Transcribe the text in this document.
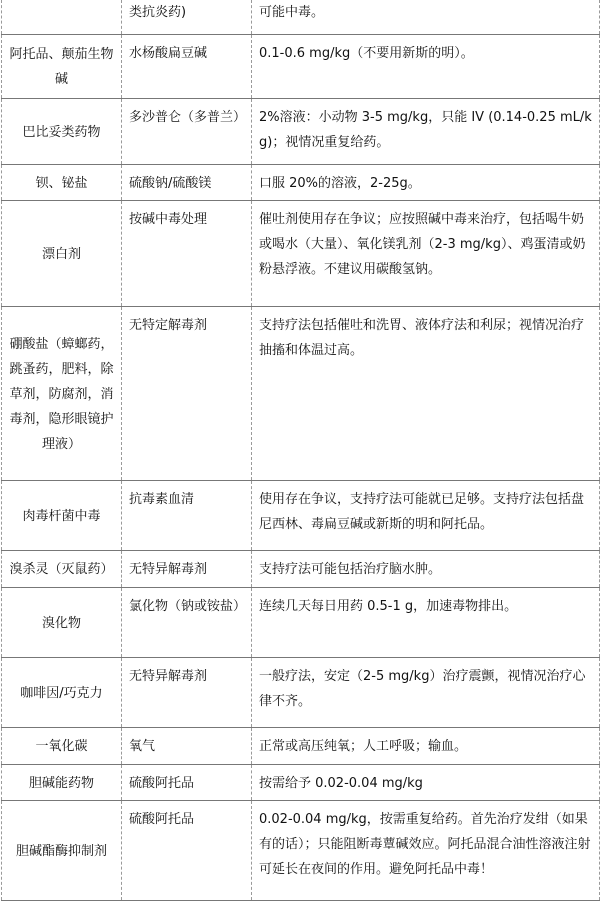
	类抗炎药)	可能中毒。
阿托品、颠茄生物碱	水杨酸扁豆碱	0.1-0.6 mg/kg（不要用新斯的明）。
巴比妥类药物	多沙普仑（多普兰）	2%溶液：小动物 3-5 mg/kg，只能 IV (0.14-0.25 mL/kg)；视情况重复给药。
钡、铋盐	硫酸钠/硫酸镁	口服 20%的溶液，2-25g。
漂白剂	按碱中毒处理	催吐剂使用存在争议；应按照碱中毒来治疗，包括喝牛奶或喝水（大量）、氧化镁乳剂（2-3 mg/kg）、鸡蛋清或奶粉悬浮液。不建议用碳酸氢钠。
硼酸盐（蟑螂药，跳蚤药，肥料，除草剂，防腐剂，消毒剂，隐形眼镜护理液）	无特定解毒剂	支持疗法包括催吐和洗胃、液体疗法和利尿；视情况治疗抽搐和体温过高。
肉毒杆菌中毒	抗毒素血清	使用存在争议，支持疗法可能就已足够。支持疗法包括盘尼西林、毒扁豆碱或新斯的明和阿托品。
溴杀灵（灭鼠药）	无特异解毒剂	支持疗法可能包括治疗脑水肿。
溴化物	氯化物（钠或铵盐）	连续几天每日用药 0.5-1 g，加速毒物排出。
咖啡因/巧克力	无特异解毒剂	一般疗法，安定（2-5 mg/kg）治疗震颤，视情况治疗心律不齐。
一氧化碳	氧气	正常或高压纯氧；人工呼吸；输血。
胆碱能药物	硫酸阿托品	按需给予 0.02-0.04 mg/kg
胆碱酯酶抑制剂	硫酸阿托品	0.02-0.04 mg/kg，按需重复给药。首先治疗发绀（如果有的话）；只能阻断毒蕈碱效应。阿托品混合油性溶液注射可延长在夜间的作用。避免阿托品中毒！
